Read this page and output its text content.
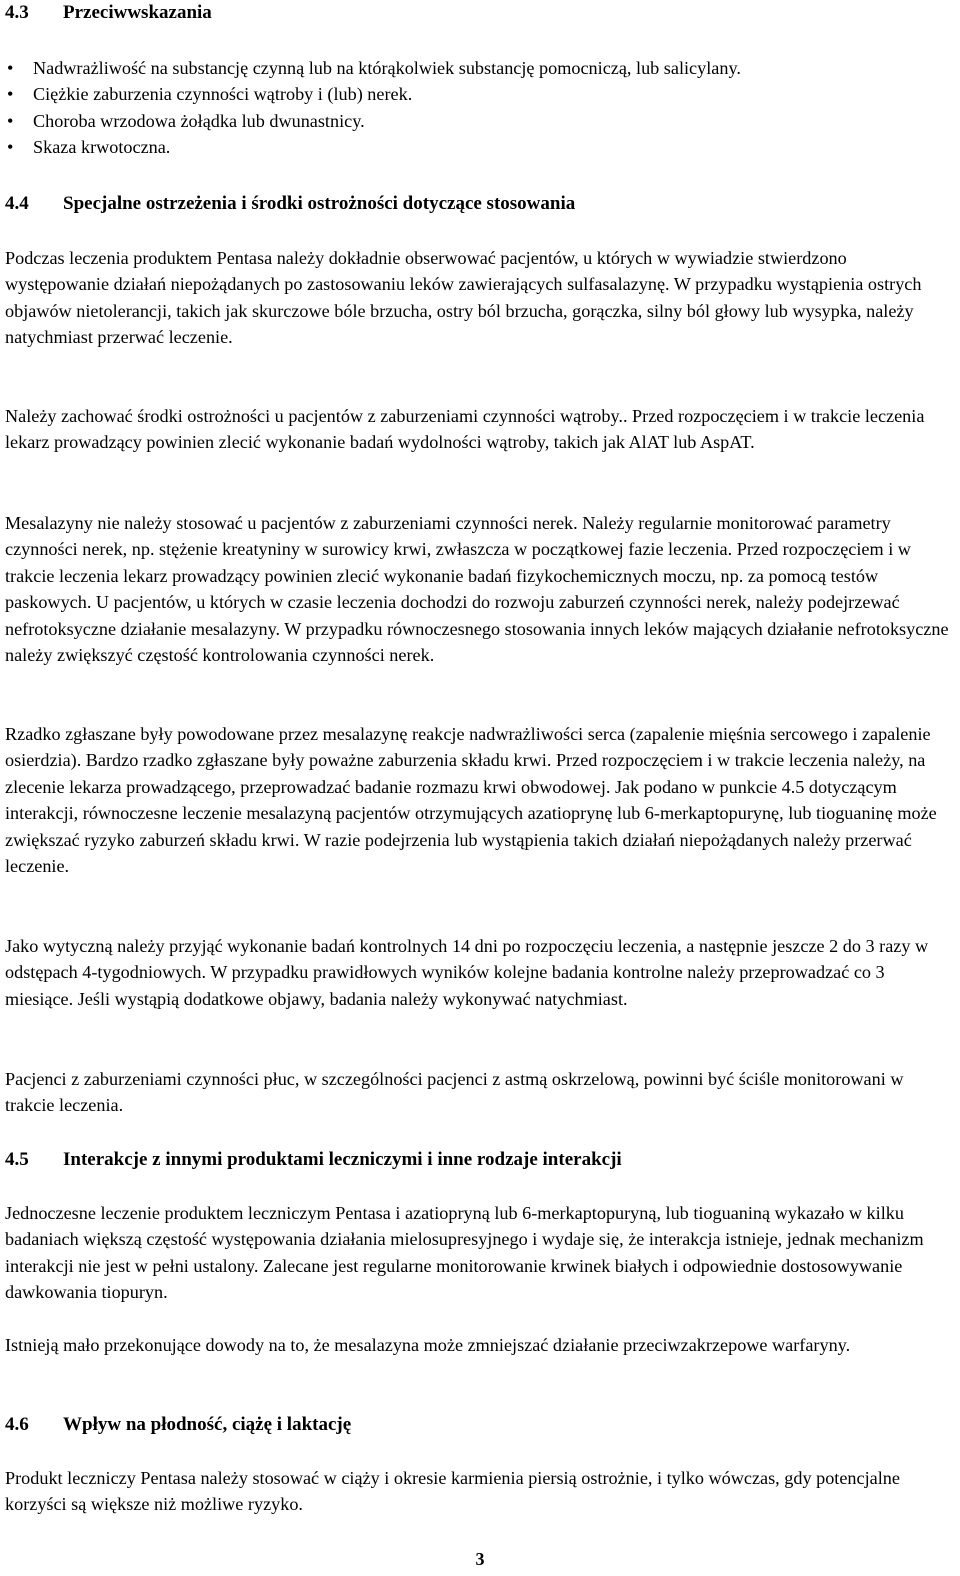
4.3	Przeciwwskazania
•	Nadwrażliwość na substancję czynną lub na którąkolwiek substancję pomocniczą, lub salicylany.
•	Ciężkie zaburzenia czynności wątroby i (lub) nerek.
•	Choroba wrzodowa żołądka lub dwunastnicy.
•	Skaza krwotoczna.
4.4	Specjalne ostrzeżenia i środki ostrożności dotyczące stosowania

Podczas leczenia produktem Pentasa należy dokładnie obserwować pacjentów, u których w wywiadzie stwierdzono występowanie działań niepożądanych po zastosowaniu leków zawierających sulfasalazynę. W przypadku wystąpienia ostrych objawów nietolerancji, takich jak skurczowe bóle brzucha, ostry ból brzucha, gorączka, silny ból głowy lub wysypka, należy natychmiast przerwać leczenie.

Należy zachować środki ostrożności u pacjentów z zaburzeniami czynności wątroby.. Przed rozpoczęciem i w trakcie leczenia lekarz prowadzący powinien zlecić wykonanie badań wydolności wątroby, takich jak AlAT lub AspAT.

Mesalazyny nie należy stosować u pacjentów z zaburzeniami czynności nerek. Należy regularnie monitorować parametry czynności nerek, np. stężenie kreatyniny w surowicy krwi, zwłaszcza w początkowej fazie leczenia. Przed rozpoczęciem i w trakcie leczenia lekarz prowadzący powinien zlecić wykonanie badań fizykochemicznych moczu, np. za pomocą testów paskowych. U pacjentów, u których w czasie leczenia dochodzi do rozwoju zaburzeń czynności nerek, należy podejrzewać nefrotoksyczne działanie mesalazyny. W przypadku równoczesnego stosowania innych leków mających działanie nefrotoksyczne należy zwiększyć częstość kontrolowania czynności nerek.

Rzadko zgłaszane były powodowane przez mesalazynę reakcje nadwrażliwości serca (zapalenie mięśnia sercowego i zapalenie osierdzia). Bardzo rzadko zgłaszane były poważne zaburzenia składu krwi. Przed rozpoczęciem i w trakcie leczenia należy, na zlecenie lekarza prowadzącego, przeprowadzać badanie rozmazu krwi obwodowej. Jak podano w punkcie 4.5 dotyczącym interakcji, równoczesne leczenie mesalazyną pacjentów otrzymujących azatioprynę lub 6-merkaptopurynę, lub tioguaninę może zwiększać ryzyko zaburzeń składu krwi. W razie podejrzenia lub wystąpienia takich działań niepożądanych należy przerwać leczenie.

Jako wytyczną należy przyjąć wykonanie badań kontrolnych 14 dni po rozpoczęciu leczenia, a następnie jeszcze 2 do 3 razy w odstępach 4-tygodniowych. W przypadku prawidłowych wyników kolejne badania kontrolne należy przeprowadzać co 3 miesiące. Jeśli wystąpią dodatkowe objawy, badania należy wykonywać natychmiast.

Pacjenci z zaburzeniami czynności płuc, w szczególności pacjenci z astmą oskrzelową, powinni być ściśle monitorowani w trakcie leczenia.

4.5	Interakcje z innymi produktami leczniczymi i inne rodzaje interakcji

Jednoczesne leczenie produktem leczniczym Pentasa i azatiopryną lub 6-merkaptopuryną, lub tioguaniną wykazało w kilku badaniach większą częstość występowania działania mielosupresyjnego i wydaje się, że interakcja istnieje, jednak mechanizm interakcji nie jest w pełni ustalony. Zalecane jest regularne monitorowanie krwinek białych i odpowiednie dostosowywanie dawkowania tiopuryn.

Istnieją mało przekonujące dowody na to, że mesalazyna może zmniejszać działanie przeciwzakrzepowe warfaryny.

4.6	Wpływ na płodność, ciążę i laktację

Produkt leczniczy Pentasa należy stosować w ciąży i okresie karmienia piersią ostrożnie, i tylko wówczas, gdy potencjalne korzyści są większe niż możliwe ryzyko.

3
